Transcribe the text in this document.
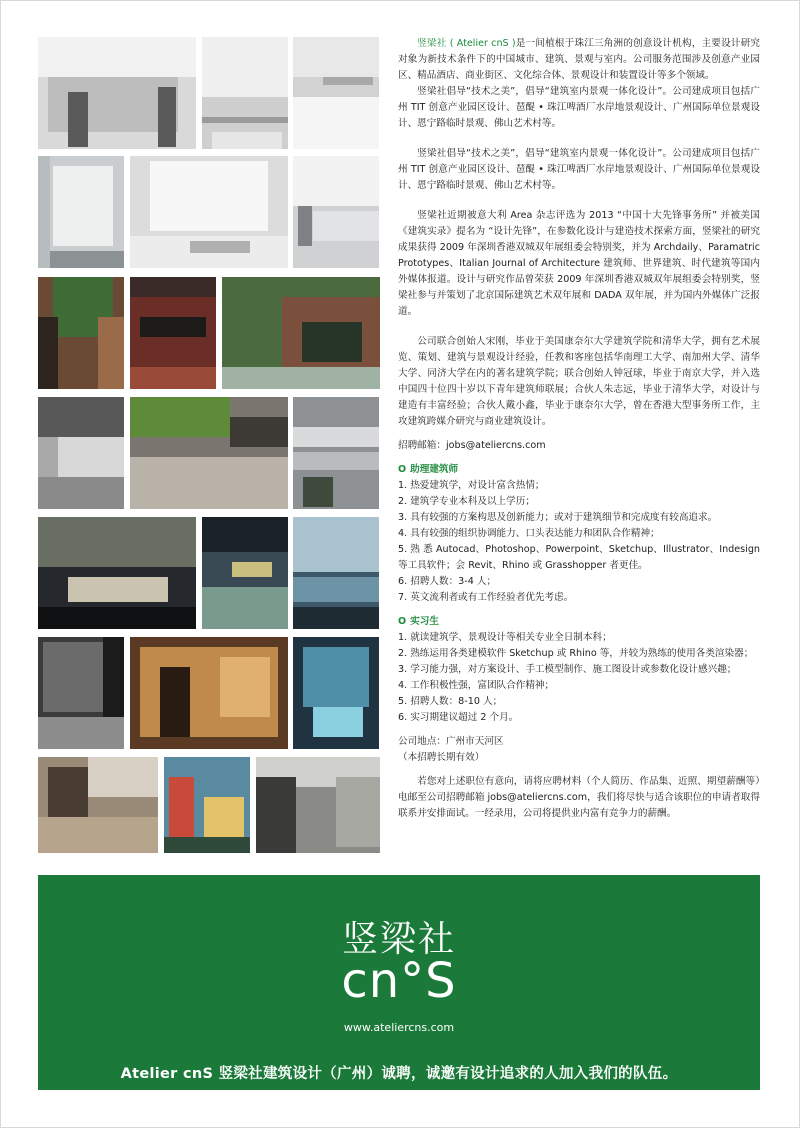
竖梁社 ( Atelier cnS )是一间植根于珠江三角洲的创意设计机构，主要设计研究对象为新技术条件下的中国城市、建筑、景观与室内。公司服务范围涉及创意产业园区、精品酒店、商业街区、文化综合体、景观设计和装置设计等多个领域。

竖梁社倡导“技术之美”，倡导“建筑室内景观一体化设计”。公司建成项目包括广州 TIT 创意产业园区设计、琶醍 • 珠江啤酒厂水岸地景观设计、广州国际单位景观设计、恩宁路临时景观、佛山艺术村等。

竖梁社倡导“技术之美”，倡导“建筑室内景观一体化设计”。公司建成项目包括广州 TIT 创意产业园区设计、琶醍 • 珠江啤酒厂水岸地景观设计、广州国际单位景观设计、恩宁路临时景观、佛山艺术村等。

竖梁社近期被意大利 Area 杂志评选为 2013 “中国十大先锋事务所” 并被美国《建筑实录》提名为 “设计先锋”，在参数化设计与建造技术探索方面，竖梁社的研究成果获得 2009 年深圳香港双城双年展组委会特别奖，并为 Archdaily、Paramatric Prototypes、Italian Journal of Architecture 建筑师、世界建筑、时代建筑等国内外媒体报道。设计与研究作品曾荣获 2009 年深圳香港双城双年展组委会特别奖，竖梁社参与并策划了北京国际建筑艺术双年展和 DADA 双年展，并为国内外媒体广泛报道。

公司联合创始人宋刚，毕业于美国康奈尔大学建筑学院和清华大学，拥有艺术展览、策划、建筑与景观设计经验，任教和客座包括华南理工大学、南加州大学、清华大学、同济大学在内的著名建筑学院；联合创始人钟冠球，毕业于南京大学，并入选中国四十位四十岁以下青年建筑师联展；合伙人朱志远，毕业于清华大学，对设计与建造有丰富经验；合伙人戴小鑫，毕业于康奈尔大学，曾在香港大型事务所工作，主攻建筑跨媒介研究与商业建筑设计。

招聘邮箱：jobs@ateliercns.com

O 助理建筑师

1. 热爱建筑学，对设计富含热情；

2. 建筑学专业本科及以上学历；

3. 具有较强的方案构思及创新能力；或对于建筑细节和完成度有较高追求。

4. 具有较强的组织协调能力、口头表达能力和团队合作精神；

5. 熟 悉 Autocad、Photoshop、Powerpoint、Sketchup、Illustrator、Indesign 等工具软件；会 Revit、Rhino 或 Grasshopper 者更佳。

6. 招聘人数：3-4 人；

7. 英文流利者或有工作经验者优先考虑。

O 实习生

1. 就读建筑学、景观设计等相关专业全日制本科；

2. 熟练运用各类建模软件 Sketchup 或 Rhino 等，并较为熟练的使用各类渲染器；

3. 学习能力强，对方案设计、手工模型制作、施工图设计或参数化设计感兴趣；

4. 工作积极性强，富团队合作精神；

5. 招聘人数：8-10 人；

6. 实习期建议超过 2 个月。

公司地点：广州市天河区

（本招聘长期有效）

若您对上述职位有意向，请将应聘材料（个人简历、作品集、近照、期望薪酬等）电邮至公司招聘邮箱 jobs@ateliercns.com，我们将尽快与适合该职位的申请者取得联系并安排面试。一经录用，公司将提供业内富有竞争力的薪酬。

竖梁社
cn°S
www.ateliercns.com
Atelier cnS 竖梁社建筑设计（广州）诚聘，诚邀有设计追求的人加入我们的队伍。
